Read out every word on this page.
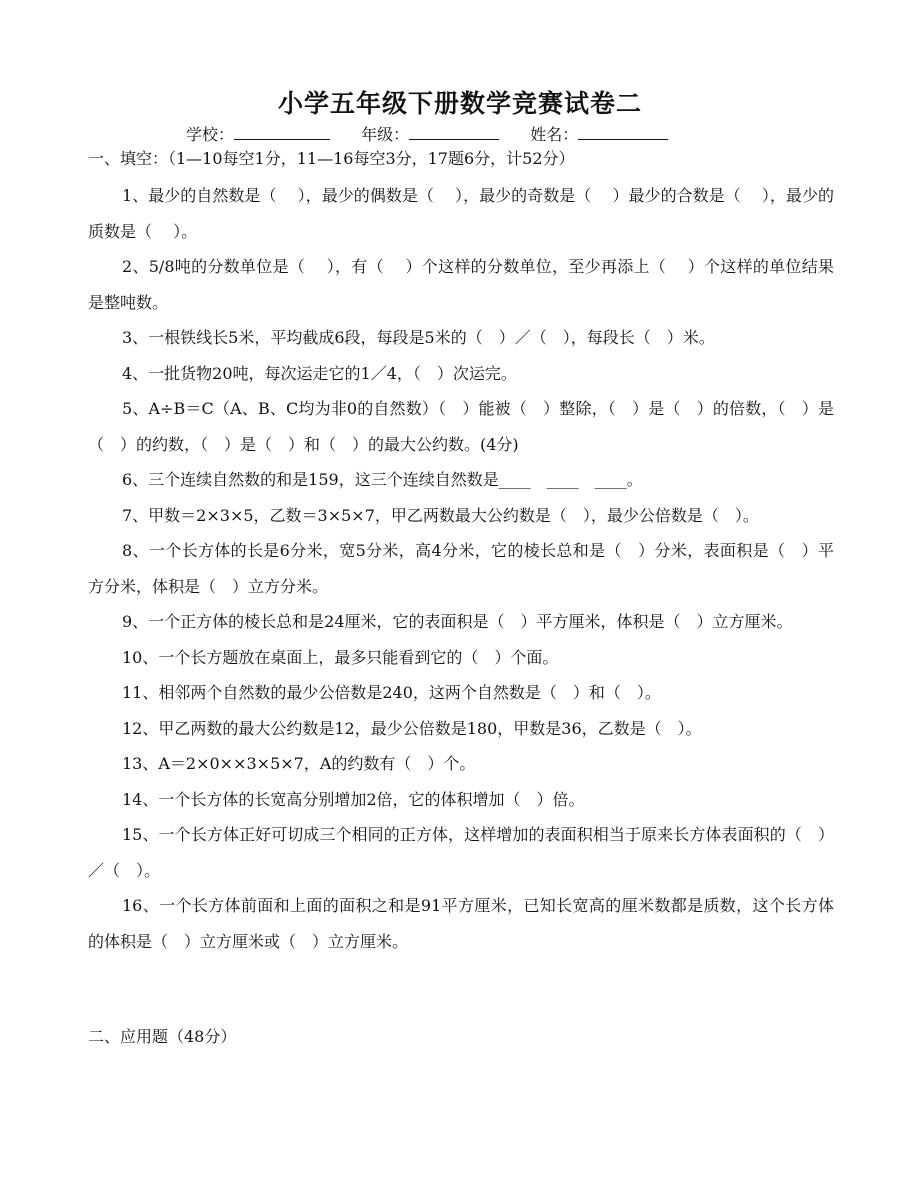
小学五年级下册数学竞赛试卷二
学校：	年级：	姓名：
一、填空：（1—10每空1分，11—16每空3分，17题6分，计52分）
1、最少的自然数是（　 ），最少的偶数是（　 ），最少的奇数是（　 ）最少的合数是（　 ），最少的质数是（　 ）。
2、5/8吨的分数单位是（　 ），有（　 ）个这样的分数单位，至少再添上（　 ）个这样的单位结果是整吨数。
3、一根铁线长5米，平均截成6段，每段是5米的（　）／（　），每段长（　）米。
4、一批货物20吨，每次运走它的1／4，（　）次运完。
5、A÷B＝C（A、B、C均为非0的自然数）（　）能被（　）整除，（　）是（　）的倍数，（　）是（　）的约数，（　）是（　）和（　）的最大公约数。(4分)
6、三个连续自然数的和是159，这三个连续自然数是____　____　____。
7、甲数＝2×3×5，乙数＝3×5×7，甲乙两数最大公约数是（　），最少公倍数是（　）。
8、一个长方体的长是6分米，宽5分米，高4分米，它的棱长总和是（　）分米，表面积是（　）平方分米，体积是（　）立方分米。
9、一个正方体的棱长总和是24厘米，它的表面积是（　）平方厘米，体积是（　）立方厘米。
10、一个长方题放在桌面上，最多只能看到它的（　）个面。
11、相邻两个自然数的最少公倍数是240，这两个自然数是（　）和（　）。
12、甲乙两数的最大公约数是12，最少公倍数是180，甲数是36，乙数是（　）。
13、A＝2×0××3×5×7，A的约数有（　）个。
14、一个长方体的长宽高分别增加2倍，它的体积增加（　）倍。
15、一个长方体正好可切成三个相同的正方体，这样增加的表面积相当于原来长方体表面积的（　）／（　）。
16、一个长方体前面和上面的面积之和是91平方厘米，已知长宽高的厘米数都是质数，这个长方体的体积是（　）立方厘米或（　）立方厘米。
二、应用题（48分）
